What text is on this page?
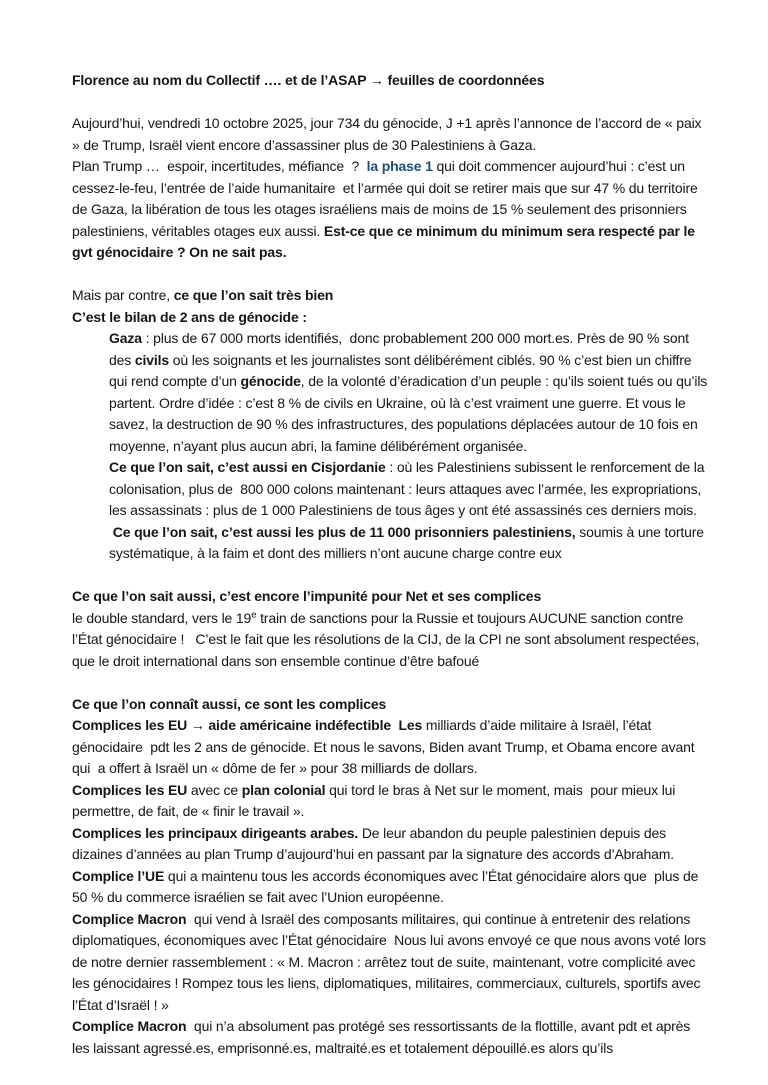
Florence au nom du Collectif …. et de l’ASAP → feuilles de coordonnées
Aujourd’hui, vendredi 10 octobre 2025, jour 734 du génocide, J +1 après l’annonce de l’accord de « paix » de Trump, Israël vient encore d’assassiner plus de 30 Palestiniens à Gaza.
Plan Trump …  espoir, incertitudes, méfiance  ?  la phase 1 qui doit commencer aujourd’hui : c’est un cessez-le-feu, l’entrée de l’aide humanitaire  et l’armée qui doit se retirer mais que sur 47 % du territoire de Gaza, la libération de tous les otages israéliens mais de moins de 15 % seulement des prisonniers palestiniens, véritables otages eux aussi. Est-ce que ce minimum du minimum sera respecté par le gvt génocidaire ? On ne sait pas.
Mais par contre, ce que l’on sait très bien
C’est le bilan de 2 ans de génocide :
Gaza : plus de 67 000 morts identifiés,  donc probablement 200 000 mort.es. Près de 90 % sont des civils où les soignants et les journalistes sont délibérément ciblés. 90 % c’est bien un chiffre qui rend compte d’un génocide, de la volonté d’éradication d’un peuple : qu’ils soient tués ou qu’ils partent. Ordre d’idée : c’est 8 % de civils en Ukraine, où là c’est vraiment une guerre. Et vous le savez, la destruction de 90 % des infrastructures, des populations déplacées autour de 10 fois en moyenne, n’ayant plus aucun abri, la famine délibérément organisée.
Ce que l’on sait, c’est aussi en Cisjordanie : où les Palestiniens subissent le renforcement de la colonisation, plus de  800 000 colons maintenant : leurs attaques avec l’armée, les expropriations, les assassinats : plus de 1 000 Palestiniens de tous âges y ont été assassinés ces derniers mois.
Ce que l’on sait, c’est aussi les plus de 11 000 prisonniers palestiniens, soumis à une torture systématique, à la faim et dont des milliers n’ont aucune charge contre eux
Ce que l’on sait aussi, c’est encore l’impunité pour Net et ses complices
le double standard, vers le 19e train de sanctions pour la Russie et toujours AUCUNE sanction contre l’État génocidaire !   C’est le fait que les résolutions de la CIJ, de la CPI ne sont absolument respectées, que le droit international dans son ensemble continue d’être bafoué
Ce que l’on connaît aussi, ce sont les complices
Complices les EU → aide américaine indéfectible  Les milliards d’aide militaire à Israël, l’état génocidaire  pdt les 2 ans de génocide. Et nous le savons, Biden avant Trump, et Obama encore avant qui  a offert à Israël un « dôme de fer » pour 38 milliards de dollars.
Complices les EU avec ce plan colonial qui tord le bras à Net sur le moment, mais  pour mieux lui permettre, de fait, de « finir le travail ».
Complices les principaux dirigeants arabes. De leur abandon du peuple palestinien depuis des dizaines d’années au plan Trump d’aujourd’hui en passant par la signature des accords d’Abraham.
Complice l’UE qui a maintenu tous les accords économiques avec l’État génocidaire alors que  plus de 50 % du commerce israélien se fait avec l’Union européenne.
Complice Macron  qui vend à Israël des composants militaires, qui continue à entretenir des relations diplomatiques, économiques avec l’État génocidaire  Nous lui avons envoyé ce que nous avons voté lors de notre dernier rassemblement : « M. Macron : arrêtez tout de suite, maintenant, votre complicité avec les génocidaires ! Rompez tous les liens, diplomatiques, militaires, commerciaux, culturels, sportifs avec l’État d’Israël ! »
Complice Macron  qui n’a absolument pas protégé ses ressortissants de la flottille, avant pdt et après les laissant agressé.es, emprisonné.es, maltraité.es et totalement dépouillé.es alors qu’ils
